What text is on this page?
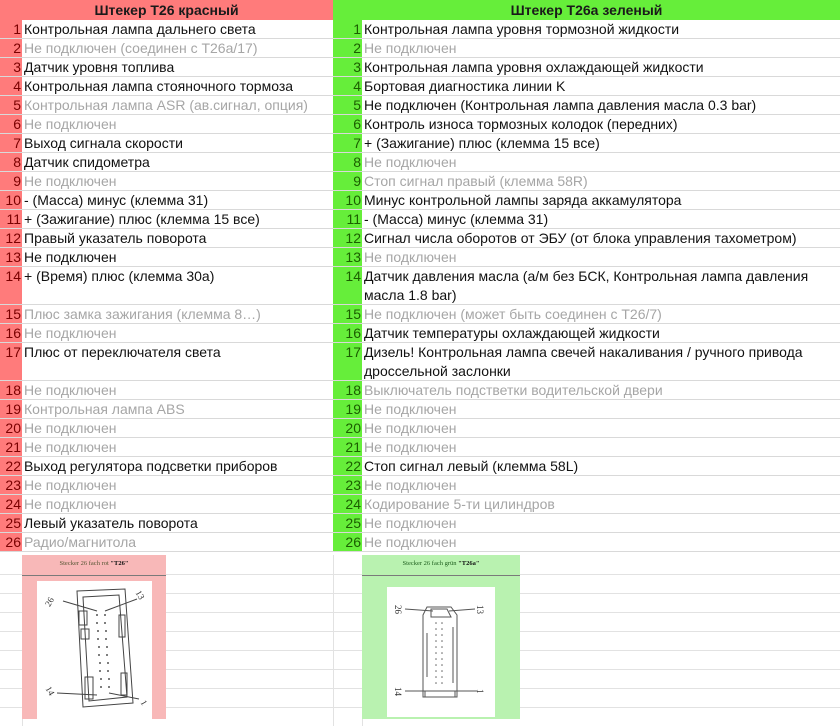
Штекер T26 красный
1 Контрольная лампа дальнего света
2 Не подключен (соединен с T26a/17)
3 Датчик уровня топлива
4 Контрольная лампа стояночного тормоза
5 Контрольная лампа ASR (ав.сигнал, опция)
6 Не подключен
7 Выход сигнала скорости
8 Датчик спидометра
9 Не подключен
10 - (Масса) минус (клемма 31)
11 + (Зажигание) плюс (клемма 15 все)
12 Правый указатель поворота
13 Не подключен
14 + (Время) плюс (клемма 30a)
15 Плюс замка зажигания (клемма 8…)
16 Не подключен
17 Плюс от переключателя света
18 Не подключен
19 Контрольная лампа ABS
20 Не подключен
21 Не подключен
22 Выход регулятора подсветки приборов
23 Не подключен
24 Не подключен
25 Левый указатель поворота
26 Радио/магнитола
Штекер T26a зеленый
1 Контрольная лампа уровня тормозной жидкости
2 Не подключен
3 Контрольная лампа уровня охлаждающей жидкости
4 Бортовая диагностика линии K
5 Не подключен (Контрольная лампа давления масла 0.3 bar)
6 Контроль износа тормозных колодок (передних)
7 + (Зажигание) плюс (клемма 15 все)
8 Не подключен
9 Стоп сигнал правый (клемма 58R)
10 Минус контрольной лампы заряда аккамулятора
11 - (Масса) минус (клемма 31)
12 Сигнал числа оборотов от ЭБУ (от блока управления тахометром)
13 Не подключен
14 Датчик давления масла (а/м без БСК, Контрольная лампа давления масла 1.8 bar)
15 Не подключен (может быть соединен с T26/7)
16 Датчик температуры охлаждающей жидкости
17 Дизель! Контрольная лампа свечей накаливания / ручного привода дроссельной заслонки
18 Выключатель подстветки водительской двери
19 Не подключен
20 Не подключен
21 Не подключен
22 Стоп сигнал левый (клемма 58L)
23 Не подключен
24 Кодирование 5-ти цилиндров
25 Не подключен
26 Не подключен
Stecker 26 fach rot "T26"
26
13
14
1
Stecker 26 fach grün "T26a"
26	13
14	1
